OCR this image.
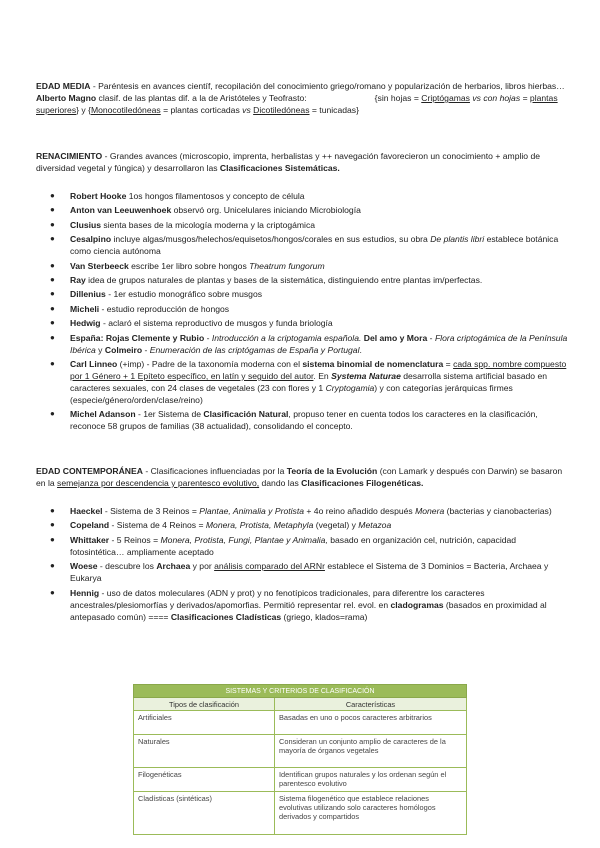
EDAD MEDIA - Paréntesis en avances científ, recopilación del conocimiento griego/romano y popularización de herbarios, libros hierbas… Alberto Magno clasif. de las plantas dif. a la de Aristóteles y Teofrasto:	{sin hojas = Criptógamas vs con hojas = plantas superiores} y {Monocotiledóneas = plantas corticadas vs Dicotiledóneas = tunicadas}

RENACIMIENTO - Grandes avances (microscopio, imprenta, herbalistas y ++ navegación favorecieron un conocimiento + amplio de diversidad vegetal y fúngica) y desarrollaron las Clasificaciones Sistemáticas.

● Robert Hooke 1os hongos filamentosos y concepto de célula
● Anton van Leeuwenhoek observó org. Unicelulares iniciando Microbiología
● Clusius sienta bases de la micología moderna y la criptogámica
● Cesalpino incluye algas/musgos/helechos/equisetos/hongos/corales en sus estudios, su obra De plantis libri establece botánica como ciencia autónoma
● Van Sterbeeck escribe 1er libro sobre hongos Theatrum fungorum
● Ray idea de grupos naturales de plantas y bases de la sistemática, distinguiendo entre plantas im/perfectas.
● Dillenius - 1er estudio monográfico sobre musgos
● Micheli - estudio reproducción de hongos
● Hedwig - aclaró el sistema reproductivo de musgos y funda briología
● España: Rojas Clemente y Rubio - Introducción a la criptogamia española. Del amo y Mora - Flora criptogámica de la Península Ibérica y Colmeiro - Enumeración de las criptógamas de España y Portugal.
● Carl Linneo (+imp) - Padre de la taxonomía moderna con el sistema binomial de nomenclatura = cada spp. nombre compuesto por 1 Género + 1 Epíteto específico, en latín y seguido del autor. En Systema Naturae desarrolla sistema artificial basado en caracteres sexuales, con 24 clases de vegetales (23 con flores y 1 Cryptogamia) y con categorías jerárquicas firmes (especie/género/orden/clase/reino)
● Michel Adanson - 1er Sistema de Clasificación Natural, propuso tener en cuenta todos los caracteres en la clasificación, reconoce 58 grupos de familias (38 actualidad), consolidando el concepto.

EDAD CONTEMPORÁNEA - Clasificaciones influenciadas por la Teoría de la Evolución (con Lamark y después con Darwin) se basaron en la semejanza por descendencia y parentesco evolutivo, dando las Clasificaciones Filogenéticas.

● Haeckel - Sistema de 3 Reinos = Plantae, Animalia y Protista + 4o reino añadido después Monera (bacterias y cianobacterias)
● Copeland - Sistema de 4 Reinos = Monera, Protista, Metaphyla (vegetal) y Metazoa
● Whittaker - 5 Reinos = Monera, Protista, Fungi, Plantae y Animalia, basado en organización cel, nutrición, capacidad fotosintética… ampliamente aceptado
● Woese - descubre los Archaea y por análisis comparado del ARNr establece el Sistema de 3 Dominios = Bacteria, Archaea y Eukarya
● Hennig - uso de datos moleculares (ADN y prot) y no fenotípicos tradicionales, para diferentre los caracteres ancestrales/plesiomorfías y derivados/apomorfias. Permitió representar rel. evol. en cladogramas (basados en proximidad al antepasado común) ==== Clasificaciones Cladísticas (griego, klados=rama)
SISTEMAS Y CRITERIOS DE CLASIFICACIÓN	
Tipos de clasificación	Características
Artificiales	Basadas en uno o pocos caracteres arbitrarios
Naturales	Consideran un conjunto amplio de caracteres de la mayoría de órganos vegetales
Filogenéticas	Identifican grupos naturales y los ordenan según el parentesco evolutivo
Cladísticas (sintéticas)	Sistema filogenético que establece relaciones evolutivas utilizando solo caracteres homólogos derivados y compartidos
